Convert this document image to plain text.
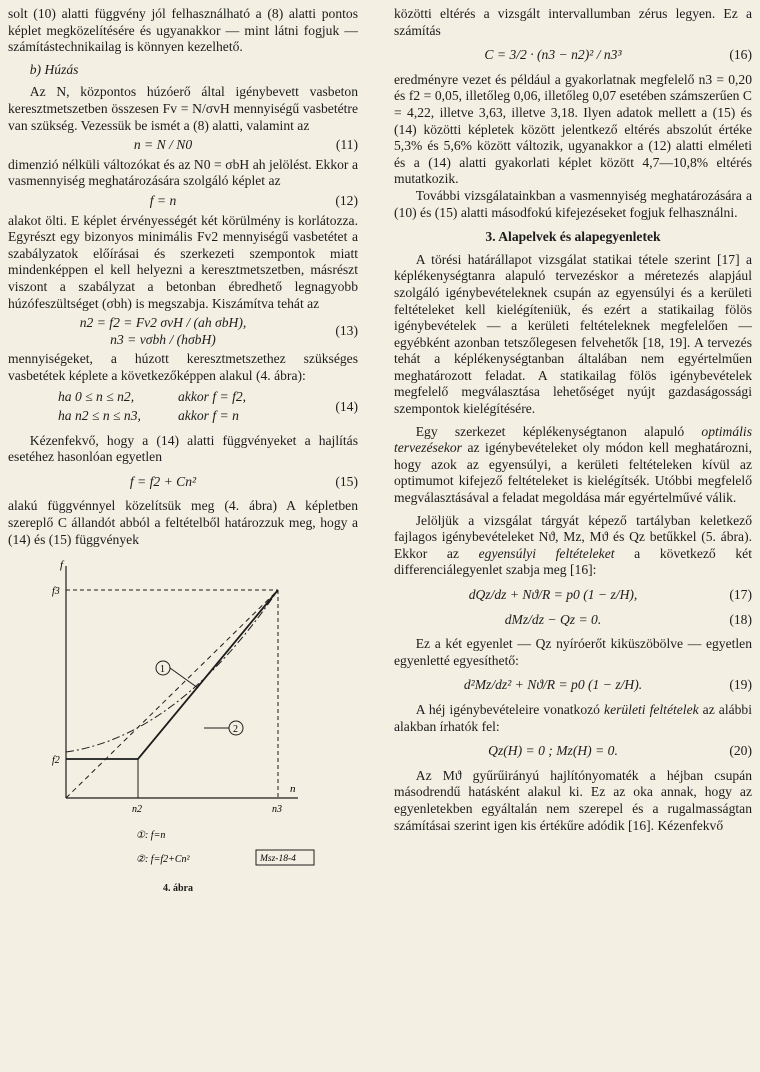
solt (10) alatti függvény jól felhasználható a (8) alatti pontos képlet megközelítésére és ugyanakkor — mint látni fogjuk — számítástechnikailag is könnyen kezelhető.

b) Húzás

Az N, központos húzóerő által igénybevett vasbeton keresztmetszetben összesen Fv = N/σvH mennyiségű vasbetétre van szükség. Vezessük be ismét a (8) alatti, valamint az

n = N / N0	(11)

dimenzió nélküli változókat és az N0 = σbH ah jelölést. Ekkor a vasmennyiség meghatározására szolgáló képlet az

f = n	(12)

alakot ölti. E képlet érvényességét két körülmény is korlátozza. Egyrészt egy bizonyos minimális Fv2 mennyiségű vasbetétet a szabályzatok előírásai és szerkezeti szempontok miatt mindenképpen el kell helyezni a keresztmetszetben, másrészt viszont a szabályzat a betonban ébredhető legnagyobb húzófeszültséget (σbh) is megszabja. Kiszámítva tehát az

n2 = f2 = Fv2 σvH / (ah σbH),
n3 = vσbh / (hσbH)
(13)

mennyiségeket, a húzott keresztmetszethez szükséges vasbetétek képlete a következőképpen alakul (4. ábra):

ha 0 ≤ n ≤ n2,	akkor f = f2,
ha n2 ≤ n ≤ n3,	akkor f = n
(14)

Kézenfekvő, hogy a (14) alatti függvényeket a hajlítás esetéhez hasonlóan egyetlen

f = f2 + Cn²	(15)

alakú függvénnyel közelítsük meg (4. ábra) A képletben szereplő C állandót abból a feltételből határozzuk meg, hogy a (14) és (15) függvények

f
n
f3
f2
n2	n3
1
2
①: f=n
②: f=f2+Cn²	Msz-18-4
4. ábra

közötti eltérés a vizsgált intervallumban zérus legyen. Ez a számítás

C = 3/2 · (n3 − n2)² / n3³	(16)

eredményre vezet és például a gyakorlatnak megfelelő n3 = 0,20 és f2 = 0,05, illetőleg 0,06, illetőleg 0,07 esetében számszerűen C = 4,22, illetve 3,63, illetve 3,18. Ilyen adatok mellett a (15) és (14) közötti képletek között jelentkező eltérés abszolút értéke 5,3% és 5,6% között változik, ugyanakkor a (12) alatti elméleti és a (14) alatti gyakorlati képlet között 4,7—10,8% eltérés mutatkozik.

További vizsgálatainkban a vasmennyiség meghatározására a (10) és (15) alatti másodfokú kifejezéseket fogjuk felhasználni.

3. Alapelvek és alapegyenletek

A törési határállapot vizsgálat statikai tétele szerint [17] a képlékenységtanra alapuló tervezéskor a méretezés alapjául szolgáló igénybevételeknek csupán az egyensúlyi és a kerületi feltételeket kell kielégíteniük, és ezért a statikailag fölös igénybevételek — a kerületi feltételeknek megfelelően — egyébként azonban tetszőlegesen felvehetők [18, 19]. A tervezés tehát a képlékenységtanban általában nem egyértelműen meghatározott feladat. A statikailag fölös igénybevételek megfelelő megválasztása lehetőséget nyújt gazdaságossági szempontok kielégítésére.

Egy szerkezet képlékenységtanon alapuló optimális tervezésekor az igénybevételeket oly módon kell meghatározni, hogy azok az egyensúlyi, a kerületi feltételeken kívül az optimumot kifejező feltételeket is kielégítsék. Utóbbi megfelelő megválasztásával a feladat megoldása már egyértelművé válik.

Jelöljük a vizsgálat tárgyát képező tartályban keletkező fajlagos igénybevételeket Nϑ, Mz, Mϑ és Qz betűkkel (5. ábra). Ekkor az egyensúlyi feltételeket a következő két differenciálegyenlet szabja meg [16]:

dQz/dz + Nϑ/R = p0 (1 − z/H),	(17)
dMz/dz − Qz = 0.	(18)

Ez a két egyenlet — Qz nyíróerőt kiküszöbölve — egyetlen egyenletté egyesíthető:

d²Mz/dz² + Nϑ/R = p0 (1 − z/H).	(19)

A héj igénybevételeire vonatkozó kerületi feltételek az alábbi alakban írhatók fel:

Qz(H) = 0 ; Mz(H) = 0.	(20)

Az Mϑ gyűrűirányú hajlítónyomaték a héjban csupán másodrendű hatásként alakul ki. Ez az oka annak, hogy az egyenletekben egyáltalán nem szerepel és a rugalmasságtan számításai szerint igen kis értékűre adódik [16]. Kézenfekvő
